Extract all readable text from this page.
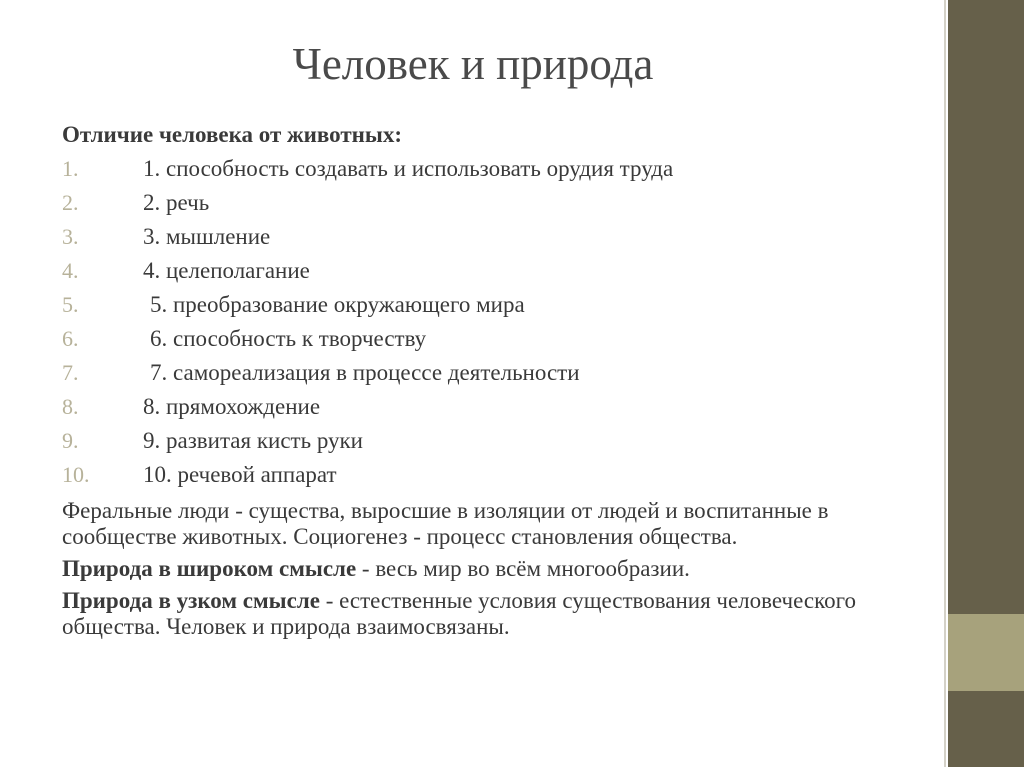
Человек и природа
Отличие человека от животных:
1.	1. способность создавать и использовать орудия труда
2.	2. речь
3.	3. мышление
4.	4. целеполагание
5.	5. преобразование окружающего мира
6.	6. способность к творчеству
7.	7. самореализация в процессе деятельности
8.	8. прямохождение
9.	9. развитая кисть руки
10. 10. речевой аппарат
Феральные люди - существа, выросшие в изоляции от людей и воспитанные в сообществе животных. Социогенез - процесс становления общества.
Природа в широком смысле - весь мир во всём многообразии.
Природа в узком смысле - естественные условия существования человеческого общества. Человек и природа взаимосвязаны.
